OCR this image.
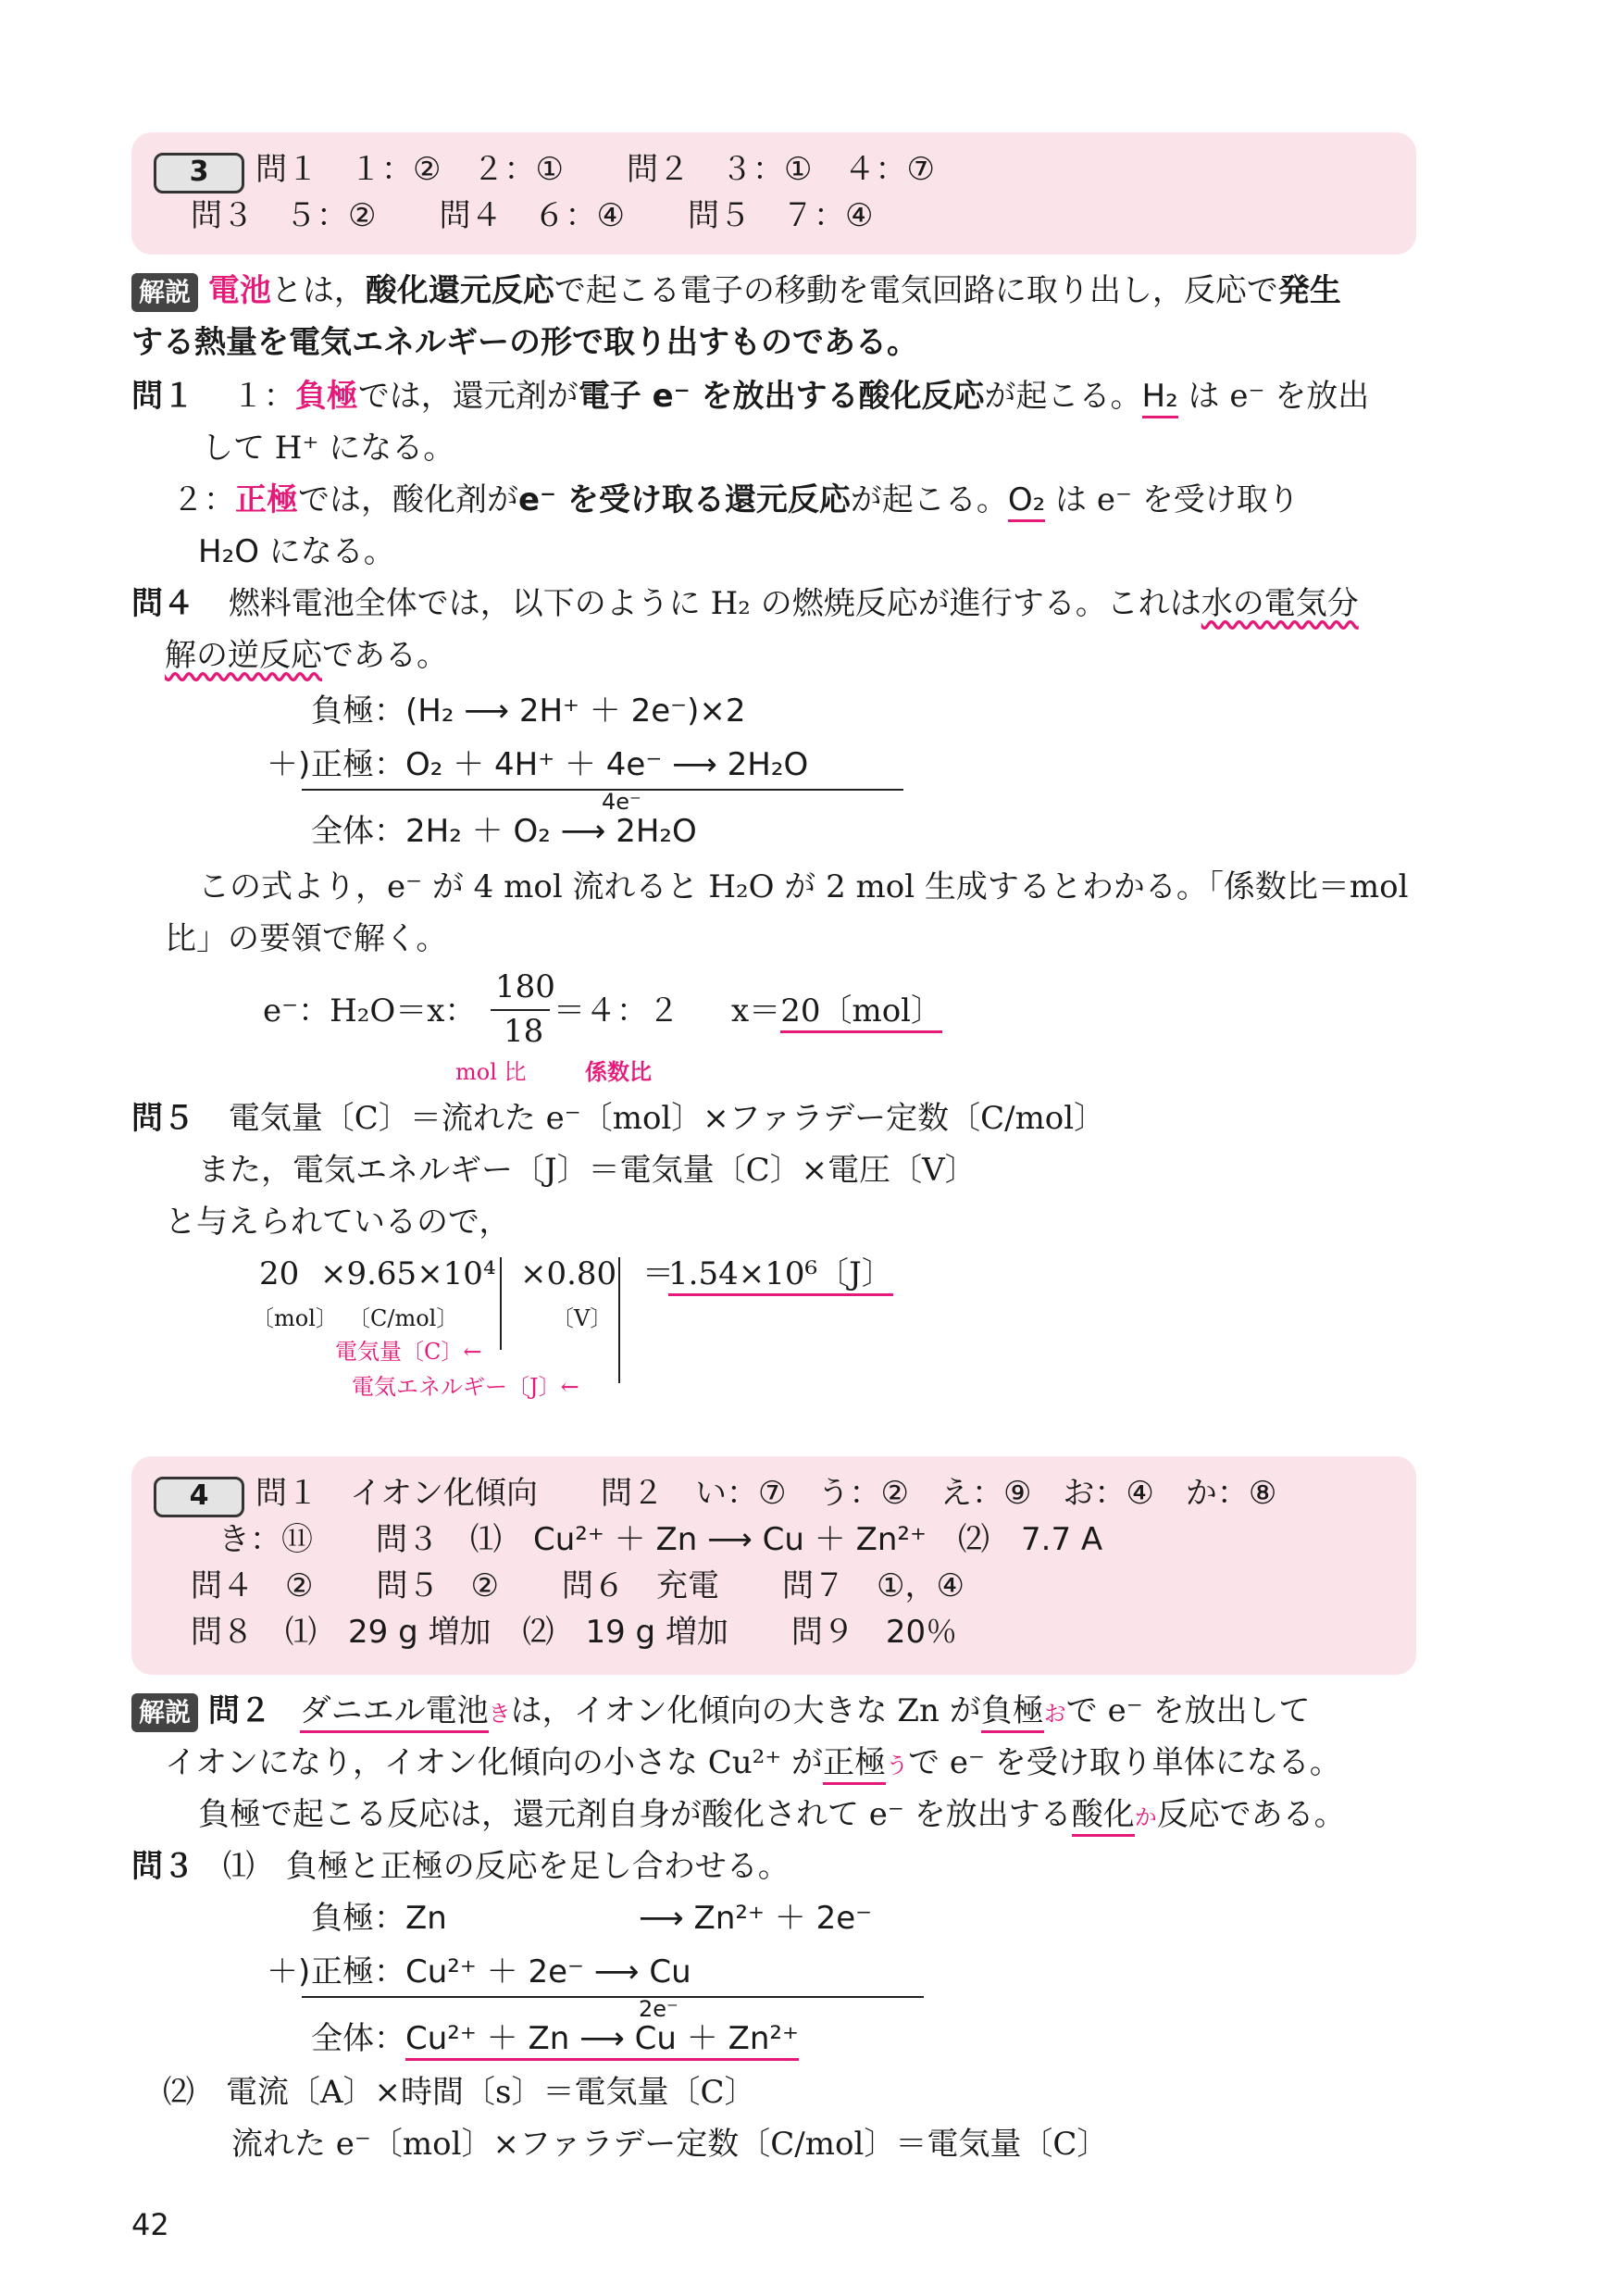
3	問１　１：②　２：①　　問２　３：①　４：⑦
問３　５：②　　問４　６：④　　問５　７：④
解説 電池とは，酸化還元反応で起こる電子の移動を電気回路に取り出し，反応で発生
する熱量を電気エネルギーの形で取り出すものである。
問１ １：負極では，還元剤が電子 e⁻ を放出する酸化反応が起こる。H₂ は e⁻ を放出
して H⁺ になる。
２：正極では，酸化剤がe⁻ を受け取る還元反応が起こる。O₂ は e⁻ を受け取り
H₂O になる。
問４ 燃料電池全体では，以下のように H₂ の燃焼反応が進行する。これは水の電気分
解の逆反応である。
負極：(H₂ ⟶ 2H⁺ ＋ 2e⁻)×2
＋) 正極：O₂ ＋ 4H⁺ ＋ 4e⁻ ⟶ 2H₂O
4e⁻
全体：2H₂ ＋ O₂ ⟶ 2H₂O
この式より，e⁻ が 4 mol 流れると H₂O が 2 mol 生成するとわかる。「係数比＝mol
比」の要領で解く。
e⁻：H₂O＝x：
180
18
＝４：２ x＝20〔mol〕
mol 比	係数比
問５ 電気量〔C〕＝流れた e⁻〔mol〕×ファラデー定数〔C/mol〕
また，電気エネルギー〔J〕＝電気量〔C〕×電圧〔V〕
と与えられているので，
20 ×9.65×10⁴ ×0.80 ＝
1.54×10⁶〔J〕
〔mol〕 〔C/mol〕	〔V〕
電気量〔C〕←
電気エネルギー〔J〕←
4	問１　イオン化傾向　　問２　い：⑦　う：②　え：⑨　お：④　か：⑧
き：⑪　　問３　⑴　Cu²⁺ ＋ Zn ⟶ Cu ＋ Zn²⁺　⑵　7.7 A
問４　②　　問５　②　　問６　充電　　問７　①，④
問８　⑴　29 g 増加　⑵　19 g 増加　　問９　20％
解説 問２ ダニエル電池きは，イオン化傾向の大きな Zn が負極おで e⁻ を放出して
イオンになり，イオン化傾向の小さな Cu²⁺ が正極うで e⁻ を受け取り単体になる。
負極で起こる反応は，還元剤自身が酸化されて e⁻ を放出する酸化か反応である。
問３ ⑴　負極と正極の反応を足し合わせる。
負極：Zn	⟶ Zn²⁺ ＋ 2e⁻
＋) 正極：Cu²⁺ ＋ 2e⁻ ⟶ Cu
2e⁻
全体：Cu²⁺ ＋ Zn ⟶ Cu ＋ Zn²⁺
⑵　電流〔A〕×時間〔s〕＝電気量〔C〕
流れた e⁻〔mol〕×ファラデー定数〔C/mol〕＝電気量〔C〕
42
